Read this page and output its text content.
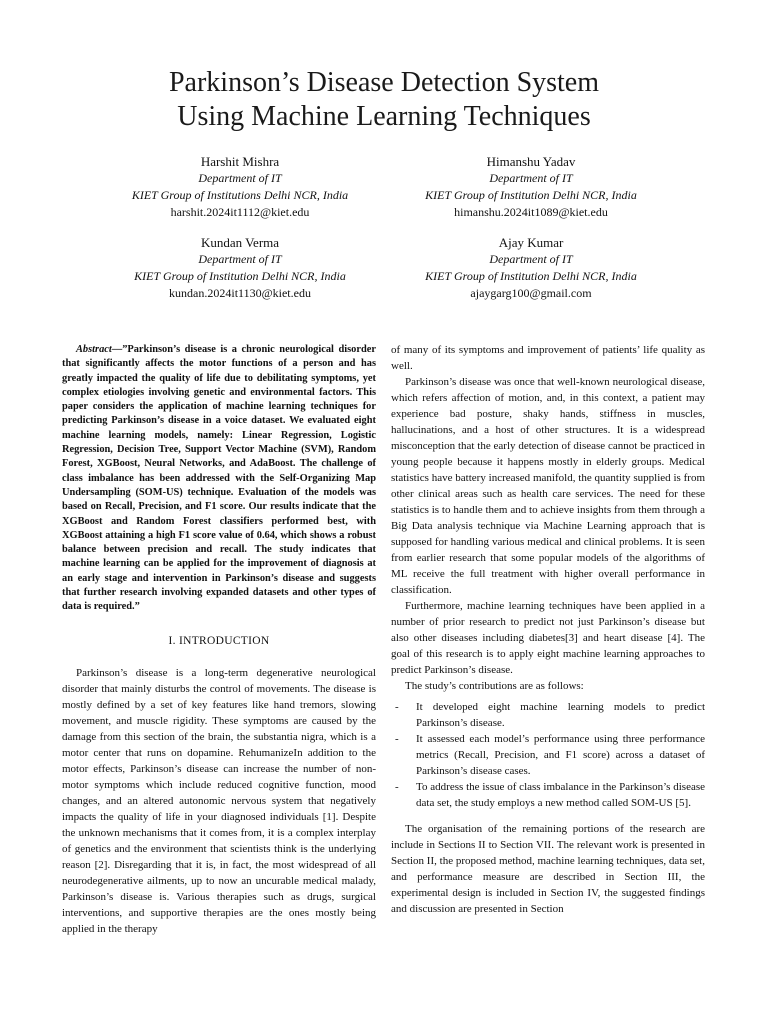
Parkinson’s Disease Detection System
Using Machine Learning Techniques
Harshit Mishra
Department of IT
KIET Group of Institutions Delhi NCR, India
harshit.2024it1112@kiet.edu
Himanshu Yadav
Department of IT
KIET Group of Institution Delhi NCR, India
himanshu.2024it1089@kiet.edu
Kundan Verma
Department of IT
KIET Group of Institution Delhi NCR, India
kundan.2024it1130@kiet.edu
Ajay Kumar
Department of IT
KIET Group of Institution Delhi NCR, India
ajaygarg100@gmail.com

Abstract—”Parkinson’s disease is a chronic neurological disorder that significantly affects the motor functions of a person and has greatly impacted the quality of life due to debilitating symptoms, yet complex etiologies involving genetic and environmental factors. This paper considers the application of machine learning techniques for predicting Parkinson’s disease in a voice dataset. We evaluated eight machine learning models, namely: Linear Regression, Logistic Regression, Decision Tree, Support Vector Machine (SVM), Random Forest, XGBoost, Neural Networks, and AdaBoost. The challenge of class imbalance has been addressed with the Self-Organizing Map Undersampling (SOM-US) technique. Evaluation of the models was based on Recall, Precision, and F1 score. Our results indicate that the XGBoost and Random Forest classifiers performed best, with XGBoost attaining a high F1 score value of 0.64, which shows a robust balance between precision and recall. The study indicates that machine learning can be applied for the improvement of diagnosis at an early stage and intervention in Parkinson’s disease and suggests that further research involving expanded datasets and other types of data is required.”

I. INTRODUCTION

Parkinson’s disease is a long-term degenerative neurological disorder that mainly disturbs the control of movements. The disease is mostly defined by a set of key features like hand tremors, slowing movement, and muscle rigidity. These symptoms are caused by the damage from this section of the brain, the substantia nigra, which is a motor center that runs on dopamine. RehumanizeIn addition to the motor effects, Parkinson’s disease can increase the number of non-motor symptoms which include reduced cognitive function, mood changes, and an altered autonomic nervous system that negatively impacts the quality of life in your diagnosed individuals [1]. Despite the unknown mechanisms that it comes from, it is a complex interplay of genetics and the environment that scientists think is the underlying reason [2]. Disregarding that it is, in fact, the most widespread of all neurodegenerative ailments, up to now an uncurable medical malady, Parkinson’s disease is. Various therapies such as drugs, surgical interventions, and supportive therapies are the ones mostly being applied in the therapy

of many of its symptoms and improvement of patients’ life quality as well.

Parkinson’s disease was once that well-known neurological disease, which refers affection of motion, and, in this context, a patient may experience bad posture, shaky hands, stiffness in muscles, hallucinations, and a host of other structures. It is a widespread misconception that the early detection of disease cannot be practiced in young people because it happens mostly in elderly groups. Medical statistics have battery increased manifold, the quantity supplied is from other clinical areas such as health care services. The need for these statistics is to handle them and to achieve insights from them through a Big Data analysis technique via Machine Learning approach that is supposed for handling various medical and clinical problems. It is seen from earlier research that some popular models of the algorithms of ML receive the full treatment with higher overall performance in classification.

Furthermore, machine learning techniques have been applied in a number of prior research to predict not just Parkinson’s disease but also other diseases including diabetes[3] and heart disease [4]. The goal of this research is to apply eight machine learning approaches to predict Parkinson’s disease.

The study’s contributions are as follows:

- It developed eight machine learning models to predict Parkinson’s disease.
- It assessed each model’s performance using three performance metrics (Recall, Precision, and F1 score) across a dataset of Parkinson’s disease cases.
- To address the issue of class imbalance in the Parkinson’s disease data set, the study employs a new method called SOM-US [5].

The organisation of the remaining portions of the research are include in Sections II to Section VII. The relevant work is presented in Section II, the proposed method, machine learning techniques, data set, and performance measure are described in Section III, the experimental design is included in Section IV, the suggested findings and discussion are presented in Section
